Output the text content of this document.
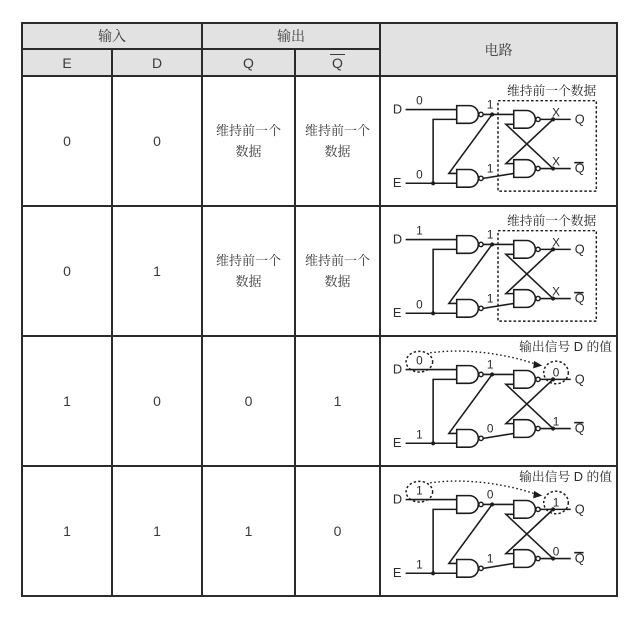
输入		输出		电路
E	D	Q	Q	
0	0	维持前一个数据	维持前一个数据	
D
E
Q
Q
0
0
1
1
X
X
维持前一个数据

0	1	维持前一个数据	维持前一个数据	
D
E
Q
Q
1
0
1
1
X
X
维持前一个数据

1	0	0	1	
D
E
Q
Q
0
1
1
0
0
1
输出信号 D 的值

1	1	1	0	
D
E
Q
Q
1
1
0
1
1
0
输出信号 D 的值
